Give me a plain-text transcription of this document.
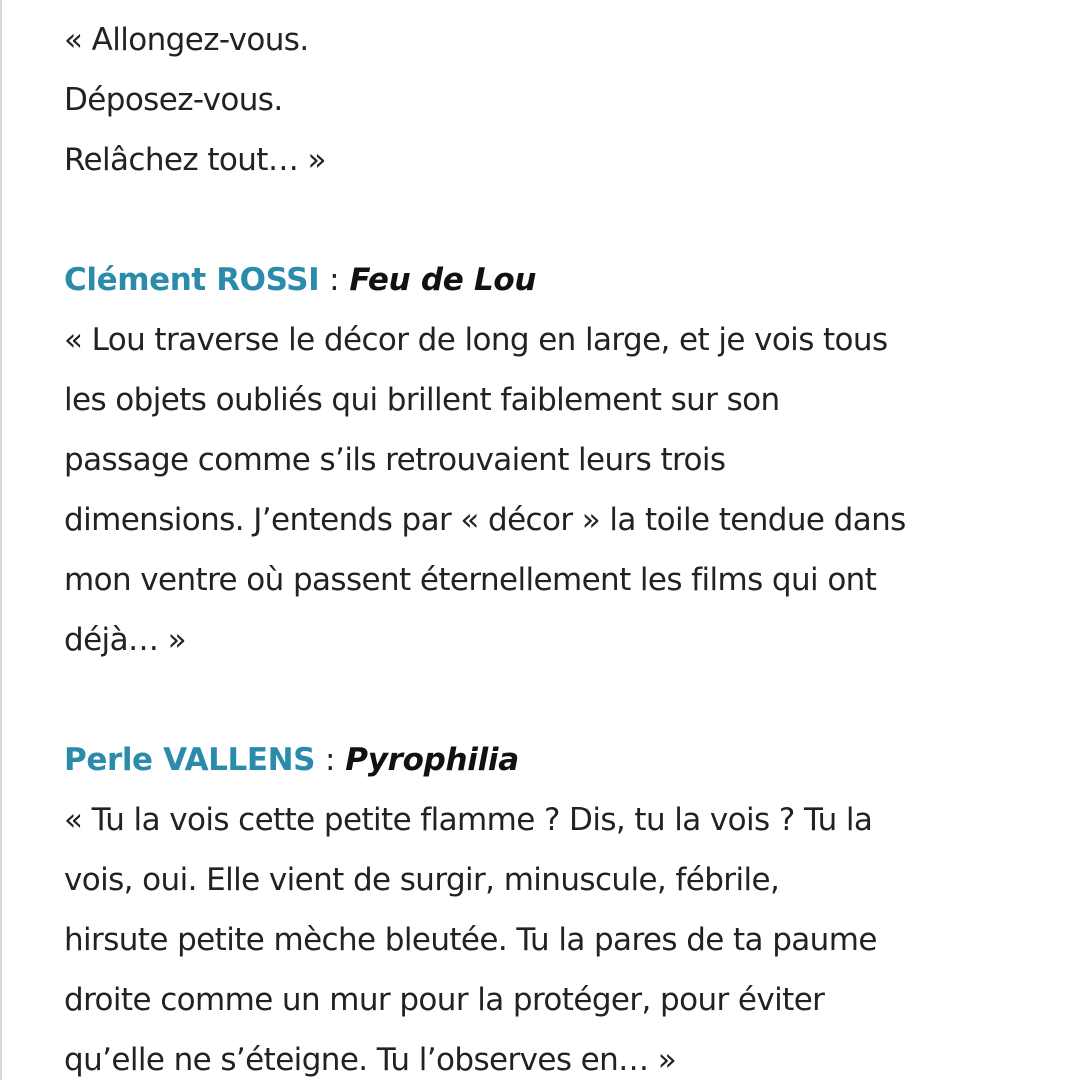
« Allongez-vous.
Déposez-vous.
Relâchez tout… »
Clément ROSSI : Feu de Lou
« Lou traverse le décor de long en large, et je vois tous
les objets oubliés qui brillent faiblement sur son
passage comme s’ils retrouvaient leurs trois
dimensions. J’entends par « décor » la toile tendue dans
mon ventre où passent éternellement les films qui ont
déjà… »
Perle VALLENS : Pyrophilia
« Tu la vois cette petite flamme ? Dis, tu la vois ? Tu la
vois, oui. Elle vient de surgir, minuscule, fébrile,
hirsute petite mèche bleutée. Tu la pares de ta paume
droite comme un mur pour la protéger, pour éviter
qu’elle ne s’éteigne. Tu l’observes en… »
